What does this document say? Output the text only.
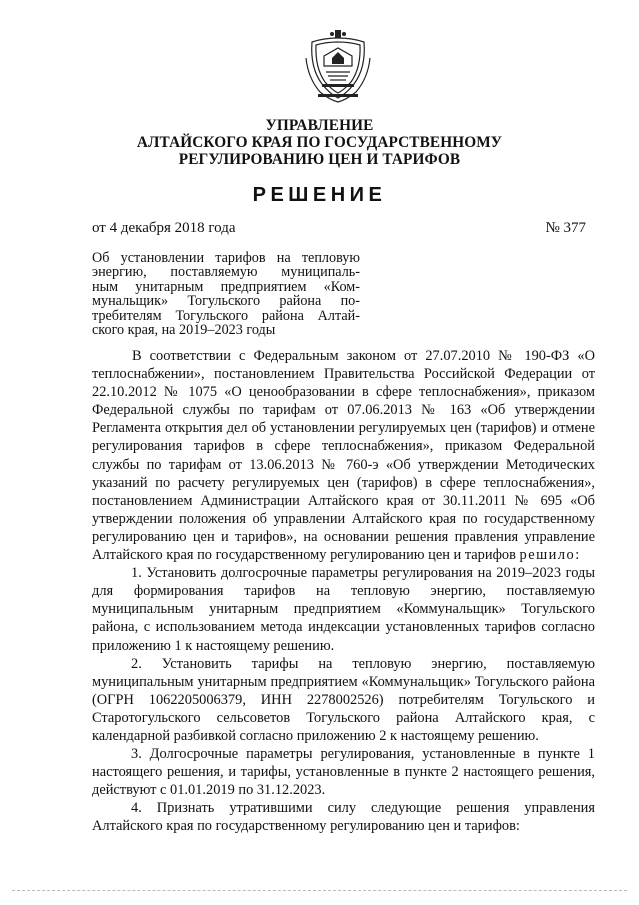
УПРАВЛЕНИЕ
АЛТАЙСКОГО КРАЯ ПО ГОСУДАРСТВЕННОМУ
РЕГУЛИРОВАНИЮ ЦЕН И ТАРИФОВ
РЕШЕНИЕ
от 4 декабря 2018 года	№ 377
Об установлении тарифов на тепловую
энергию, поставляемую муниципаль-
ным унитарным предприятием «Ком-
мунальщик» Тогульского района по-
требителям Тогульского района Алтай-
ского края, на 2019–2023 годы

В соответствии с Федеральным законом от 27.07.2010 № 190-ФЗ «О теплоснабжении», постановлением Правительства Российской Федерации от 22.10.2012 № 1075 «О ценообразовании в сфере теплоснабжения», приказом Федеральной службы по тарифам от 07.06.2013 № 163 «Об утверждении Регламента открытия дел об установлении регулируемых цен (тарифов) и отмене регулирования тарифов в сфере теплоснабжения», приказом Федеральной службы по тарифам от 13.06.2013 № 760-э «Об утверждении Методических указаний по расчету регулируемых цен (тарифов) в сфере теплоснабжения», постановлением Администрации Алтайского края от 30.11.2011 № 695 «Об утверждении положения об управлении Алтайского края по государственному регулированию цен и тарифов», на основании решения правления управление Алтайского края по государственному регулированию цен и тарифов решило:

1. Установить долгосрочные параметры регулирования на 2019–2023 годы для формирования тарифов на тепловую энергию, поставляемую муниципальным унитарным предприятием «Коммунальщик» Тогульского района, с использованием метода индексации установленных тарифов согласно приложению 1 к настоящему решению.

2. Установить тарифы на тепловую энергию, поставляемую муниципальным унитарным предприятием «Коммунальщик» Тогульского района (ОГРН 1062205006379, ИНН 2278002526) потребителям Тогульского и Старотогульского сельсоветов Тогульского района Алтайского края, с календарной разбивкой согласно приложению 2 к настоящему решению.

3. Долгосрочные параметры регулирования, установленные в пункте 1 настоящего решения, и тарифы, установленные в пункте 2 настоящего решения, действуют с 01.01.2019 по 31.12.2023.

4. Признать утратившими силу следующие решения управления Алтайского края по государственному регулированию цен и тарифов:
